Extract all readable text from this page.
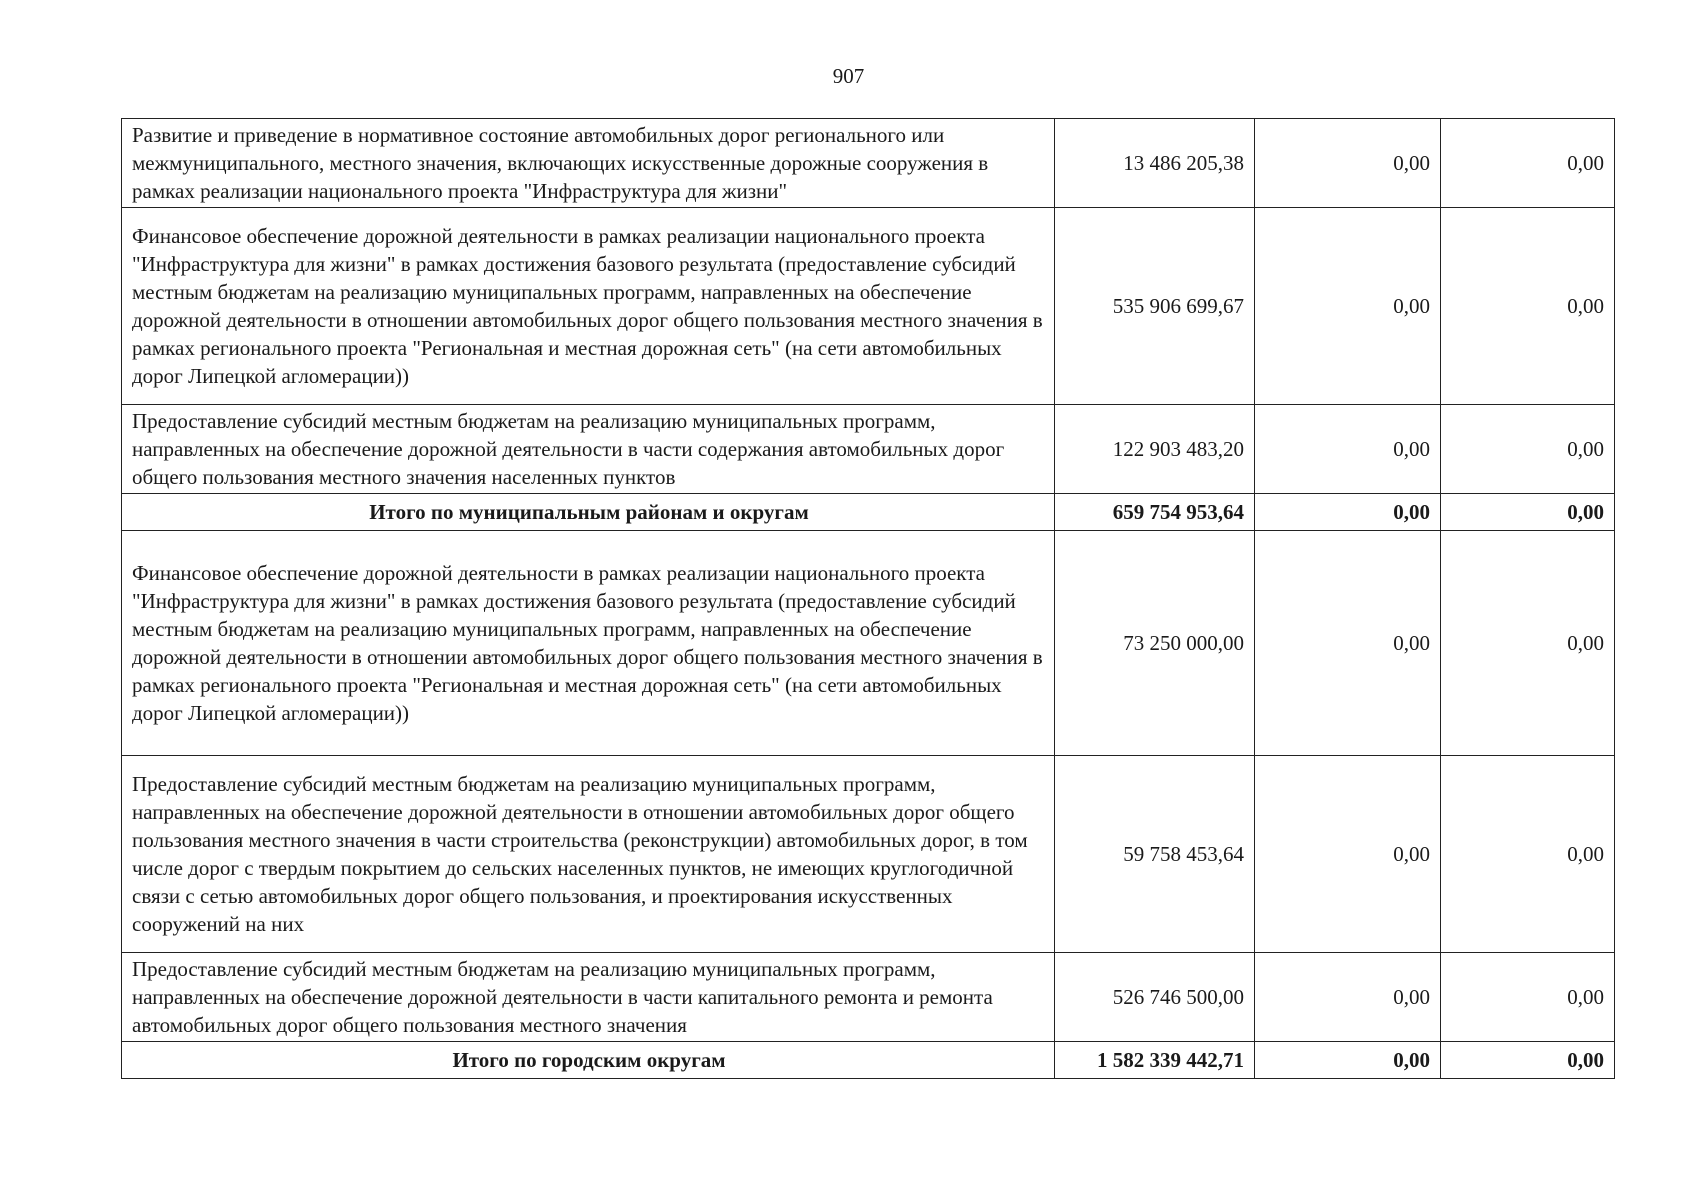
907
Развитие и приведение в нормативное состояние автомобильных дорог регионального или межмуниципального, местного значения, включающих искусственные дорожные сооружения в рамках реализации национального проекта "Инфраструктура для жизни"	13 486 205,38	0,00	0,00
Финансовое обеспечение дорожной деятельности в рамках реализации национального проекта "Инфраструктура для жизни" в рамках достижения базового результата (предоставление субсидий местным бюджетам на реализацию муниципальных программ, направленных на обеспечение дорожной деятельности в отношении автомобильных дорог общего пользования местного значения в рамках регионального проекта "Региональная и местная дорожная сеть" (на сети автомобильных дорог Липецкой агломерации))	535 906 699,67	0,00	0,00
Предоставление субсидий местным бюджетам на реализацию муниципальных программ, направленных на обеспечение дорожной деятельности в части содержания автомобильных дорог общего пользования местного значения населенных пунктов	122 903 483,20	0,00	0,00
Итого по муниципальным районам и округам	659 754 953,64	0,00	0,00
Финансовое обеспечение дорожной деятельности в рамках реализации национального проекта "Инфраструктура для жизни" в рамках достижения базового результата (предоставление субсидий местным бюджетам на реализацию муниципальных программ, направленных на обеспечение дорожной деятельности в отношении автомобильных дорог общего пользования местного значения в рамках регионального проекта "Региональная и местная дорожная сеть" (на сети автомобильных дорог Липецкой агломерации))	73 250 000,00	0,00	0,00
Предоставление субсидий местным бюджетам на реализацию муниципальных программ, направленных на обеспечение дорожной деятельности в отношении автомобильных дорог общего пользования местного значения в части строительства (реконструкции) автомобильных дорог, в том числе дорог с твердым покрытием до сельских населенных пунктов, не имеющих круглогодичной связи с сетью автомобильных дорог общего пользования, и проектирования искусственных сооружений на них	59 758 453,64	0,00	0,00
Предоставление субсидий местным бюджетам на реализацию муниципальных программ, направленных на обеспечение дорожной деятельности в части капитального ремонта и ремонта автомобильных дорог общего пользования местного значения	526 746 500,00	0,00	0,00
Итого по городским округам	1 582 339 442,71	0,00	0,00
